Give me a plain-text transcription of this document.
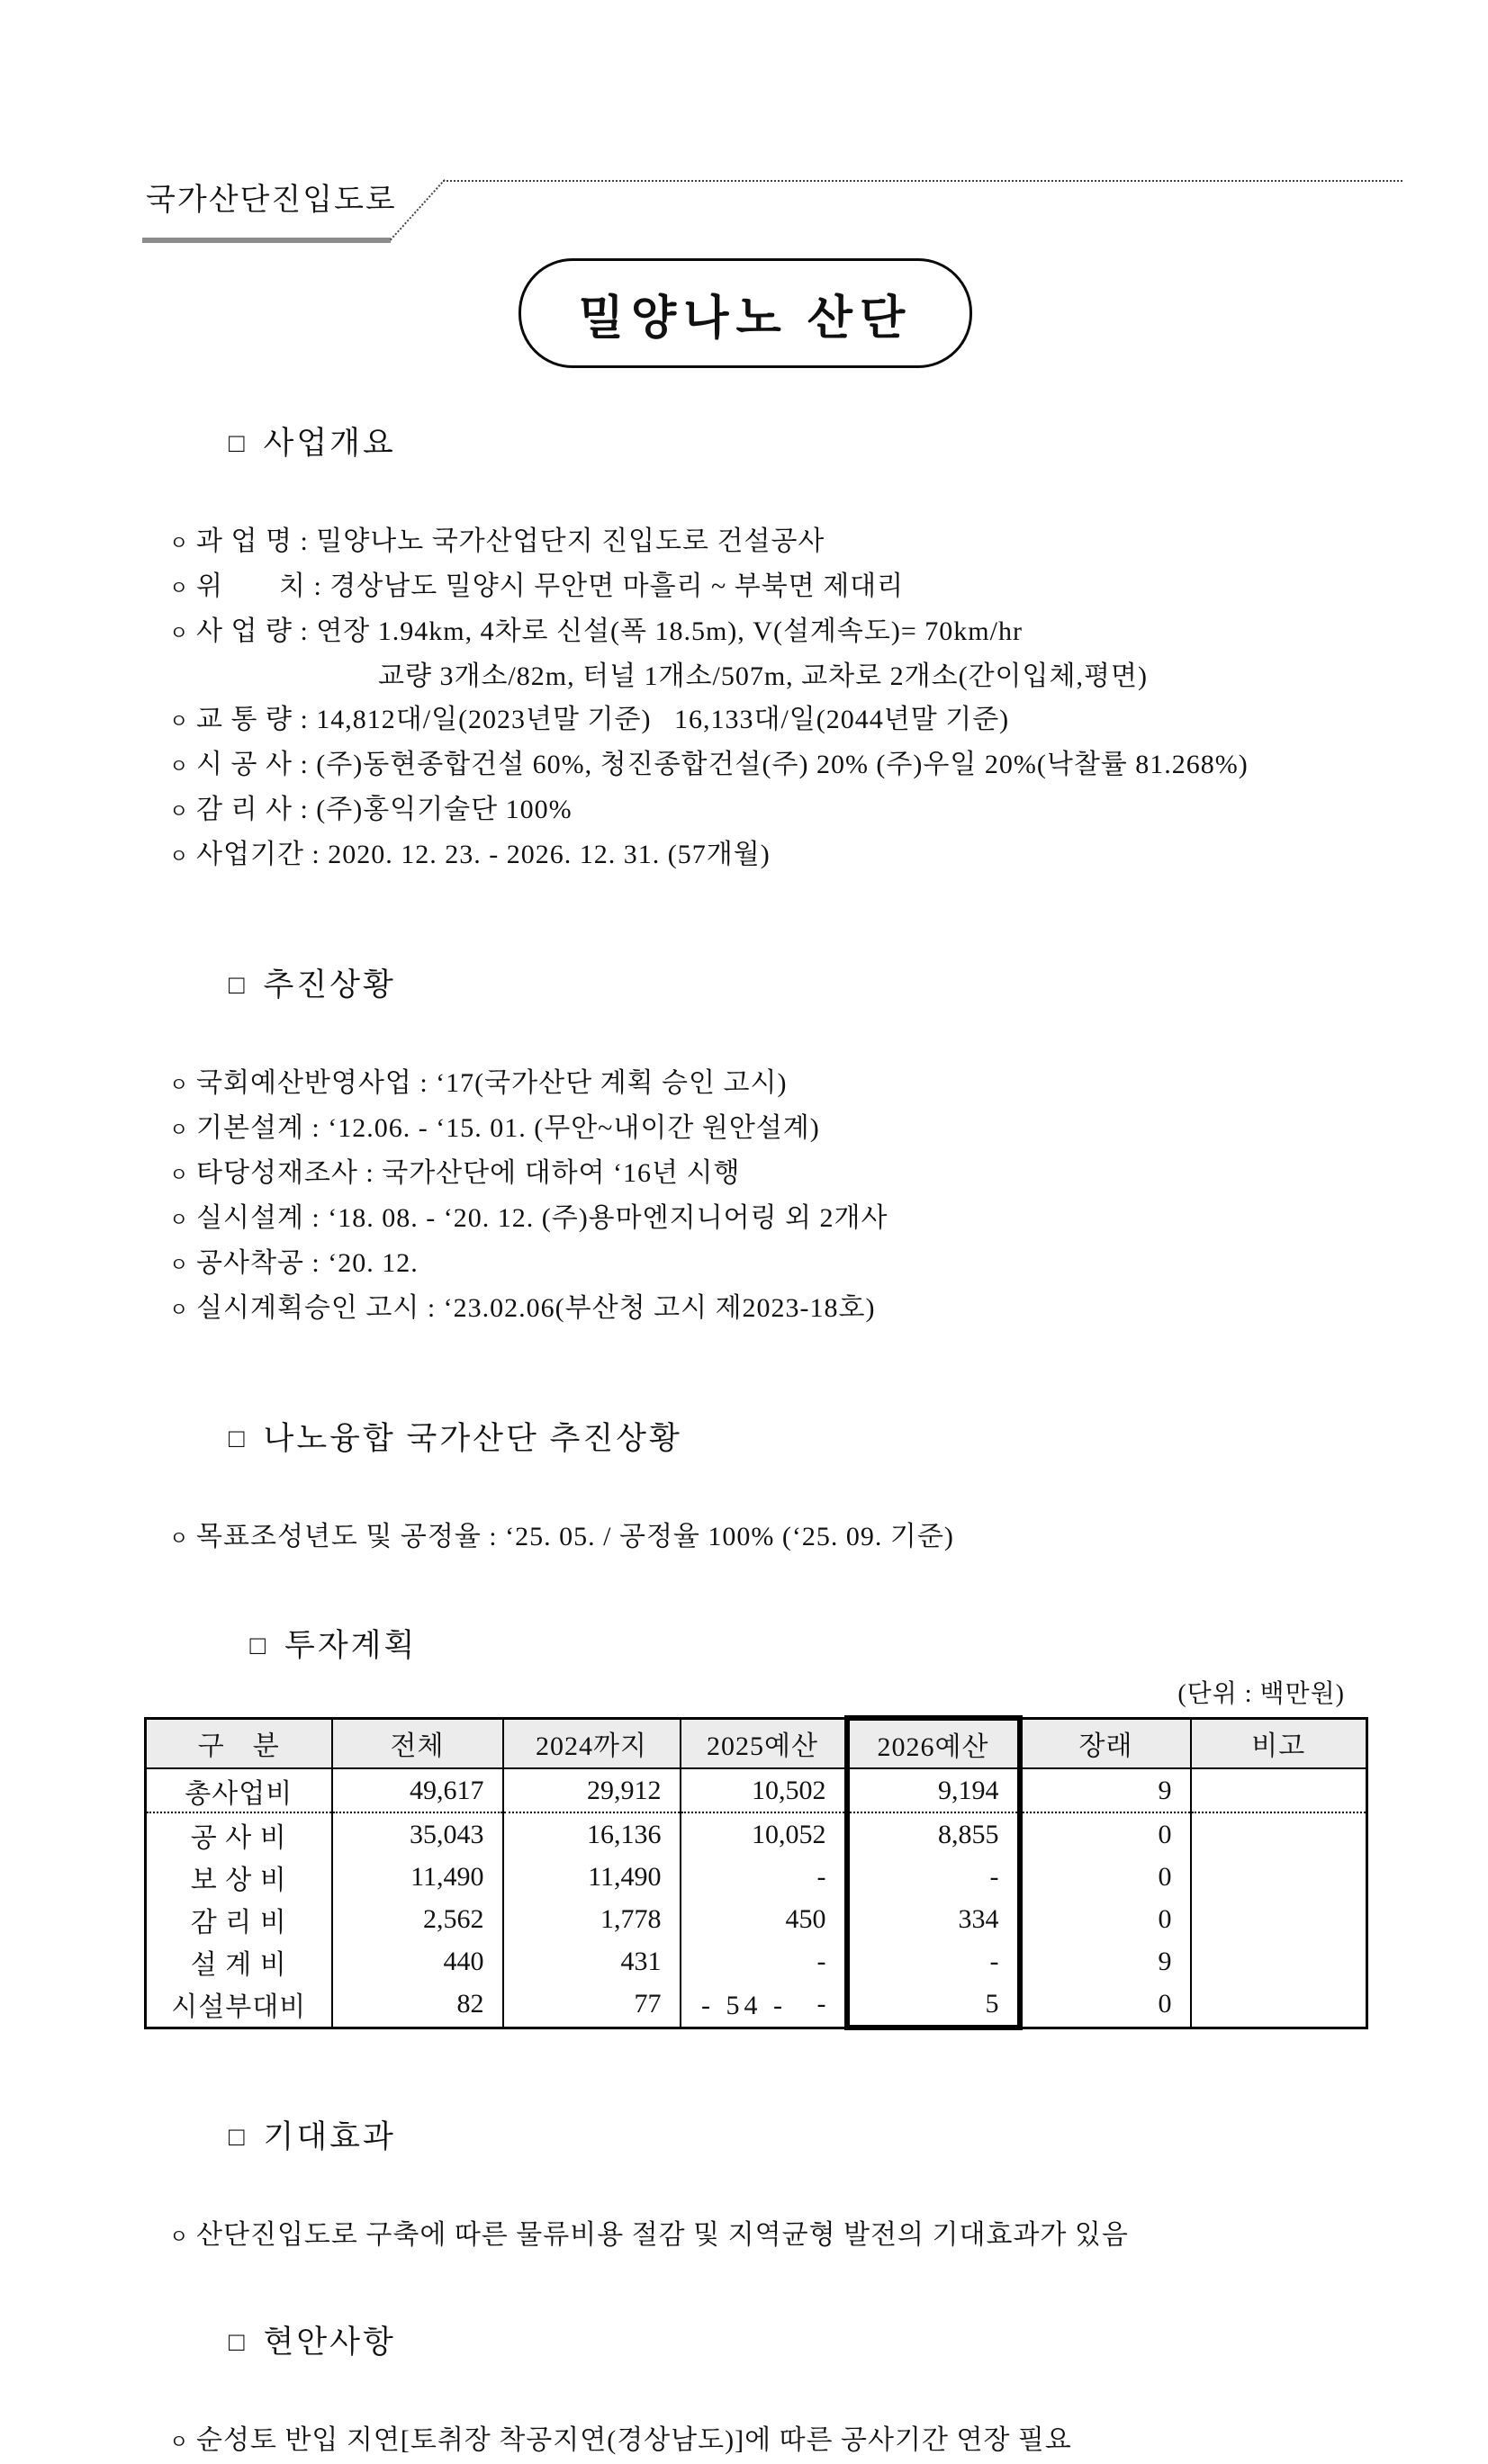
국가산단진입도로
밀양나노 산단

□ 사업개요

ㅇ 과 업 명 : 밀양나노 국가산업단지 진입도로 건설공사
ㅇ 위　　치 : 경상남도 밀양시 무안면 마흘리 ~ 부북면 제대리
ㅇ 사 업 량 : 연장 1.94km, 4차로 신설(폭 18.5m), V(설계속도)= 70km/hr
교량 3개소/82m, 터널 1개소/507m, 교차로 2개소(간이입체,평면)
ㅇ 교 통 량 : 14,812대/일(2023년말 기준)   16,133대/일(2044년말 기준)
ㅇ 시 공 사 : (주)동현종합건설 60%, 청진종합건설(주) 20% (주)우일 20%(낙찰률 81.268%)
ㅇ 감 리 사 : (주)홍익기술단 100%
ㅇ 사업기간 : 2020. 12. 23. - 2026. 12. 31. (57개월)

□ 추진상황

ㅇ 국회예산반영사업 : ‘17(국가산단 계획 승인 고시)
ㅇ 기본설계 : ‘12.06. - ‘15. 01. (무안~내이간 원안설계)
ㅇ 타당성재조사 : 국가산단에 대하여 ‘16년 시행
ㅇ 실시설계 : ‘18. 08. - ‘20. 12. (주)용마엔지니어링 외 2개사
ㅇ 공사착공 : ‘20. 12.
ㅇ 실시계획승인 고시 : ‘23.02.06(부산청 고시 제2023-18호)

□ 나노융합 국가산단 추진상황

ㅇ 목표조성년도 및 공정율 : ‘25. 05. / 공정율 100% (‘25. 09. 기준)

□ 투자계획

(단위 : 백만원)
구　분	전체	2024까지	2025예산	2026예산	장래	비고
총사업비	49,617	29,912	10,502	9,194	9	
공 사 비	35,043	16,136	10,052	8,855	0	
보 상 비	11,490	11,490	-	-	0	
감 리 비	2,562	1,778	450	334	0	
설 계 비	440	431	-	-	9	
시설부대비	82	77	-	5	0	

□ 기대효과

ㅇ 산단진입도로 구축에 따른 물류비용 절감 및 지역균형 발전의 기대효과가 있음

□ 현안사항

ㅇ 순성토 반입 지연[토취장 착공지연(경상남도)]에 따른 공사기간 연장 필요
- 54 -
